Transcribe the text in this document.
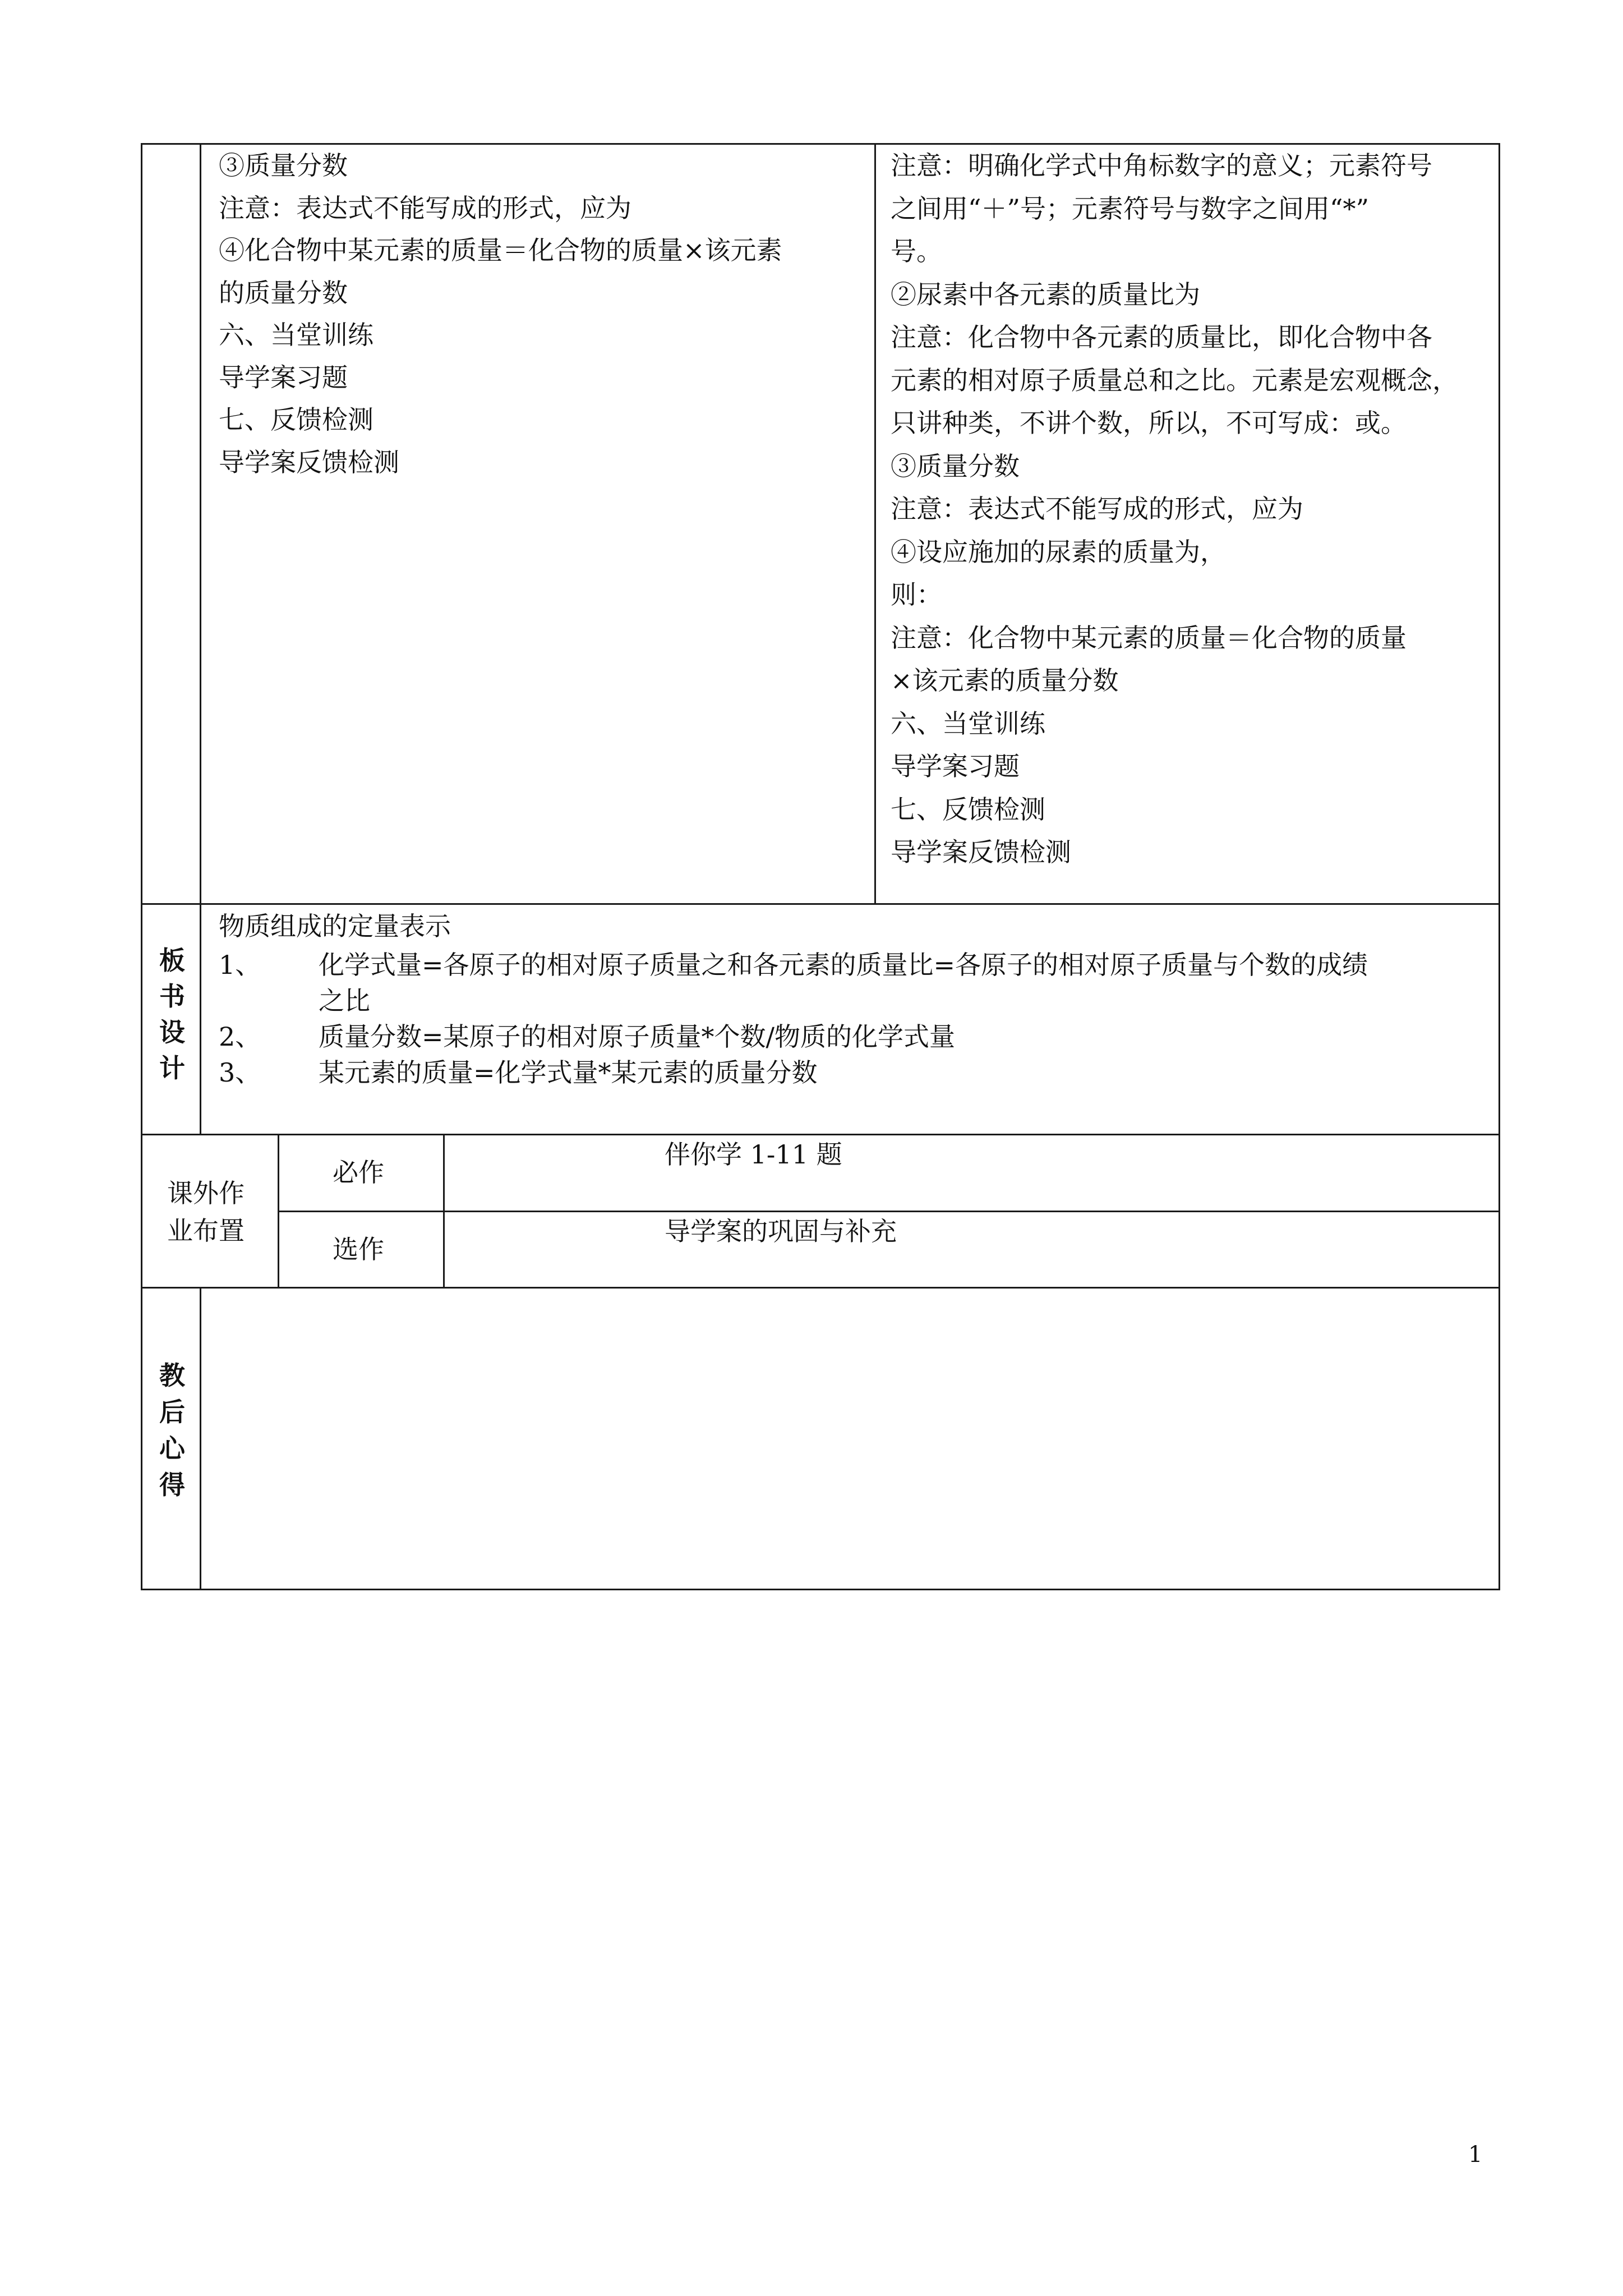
③质量分数
注意：表达式不能写成的形式，应为
④化合物中某元素的质量＝化合物的质量×该元素
的质量分数
六、当堂训练
导学案习题
七、反馈检测
导学案反馈检测
注意：明确化学式中角标数字的意义；元素符号
之间用“＋”号；元素符号与数字之间用“*”
号。
②尿素中各元素的质量比为
注意：化合物中各元素的质量比，即化合物中各
元素的相对原子质量总和之比。元素是宏观概念，
只讲种类，不讲个数，所以，不可写成：或。
③质量分数
注意：表达式不能写成的形式，应为
④设应施加的尿素的质量为，
则：
注意：化合物中某元素的质量＝化合物的质量
×该元素的质量分数
六、当堂训练
导学案习题
七、反馈检测
导学案反馈检测
板
书
设
计
物质组成的定量表示
1、 化学式量=各原子的相对原子质量之和各元素的质量比=各原子的相对原子质量与个数的成绩
之比
2、 质量分数=某原子的相对原子质量*个数/物质的化学式量
3、 某元素的质量=化学式量*某元素的质量分数
课外作
业布置
必作
伴你学 1-11 题
选作
导学案的巩固与补充
教
后
心
得
1
